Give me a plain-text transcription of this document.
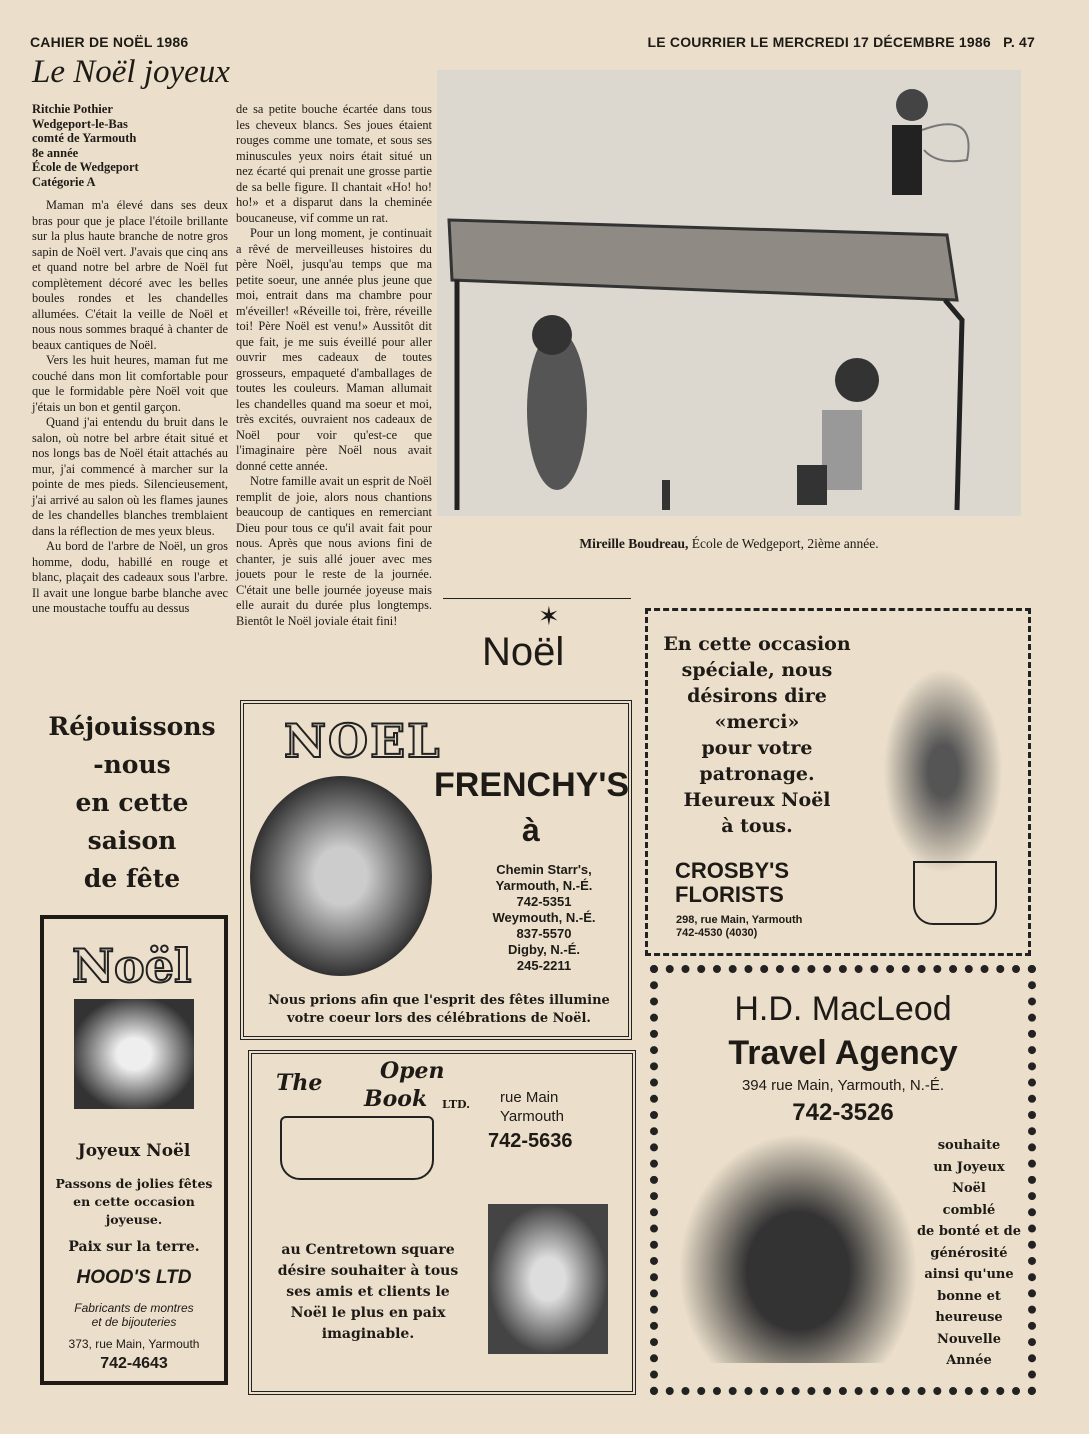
CAHIER DE NOËL 1986	LE COURRIER LE MERCREDI 17 DÉCEMBRE 1986 P. 47
Le Noël joyeux
Ritchie Pothier
Wedgeport-le-Bas
comté de Yarmouth
8e année
École de Wedgeport
Catégorie A

Maman m'a élevé dans ses deux bras pour que je place l'étoile brillante sur la plus haute branche de notre gros sapin de Noël vert. J'avais que cinq ans et quand notre bel arbre de Noël fut complètement décoré avec les belles boules rondes et les chandelles allumées. C'était la veille de Noël et nous nous sommes braqué à chanter de beaux cantiques de Noël.

Vers les huit heures, maman fut me couché dans mon lit comfortable pour que le formidable père Noël voit que j'étais un bon et gentil garçon.

Quand j'ai entendu du bruit dans le salon, où notre bel arbre était situé et nos longs bas de Noël était attachés au mur, j'ai commencé à marcher sur la pointe de mes pieds. Silencieusement, j'ai arrivé au salon où les flames jaunes de les chandelles blanches tremblaient dans la réflection de mes yeux bleus.

Au bord de l'arbre de Noël, un gros homme, dodu, habillé en rouge et blanc, plaçait des cadeaux sous l'arbre. Il avait une longue barbe blanche avec une moustache touffu au dessus

de sa petite bouche écartée dans tous les cheveux blancs. Ses joues étaient rouges comme une tomate, et sous ses minuscules yeux noirs était situé un nez écarté qui prenait une grosse partie de sa belle figure. Il chantait «Ho! ho! ho!» et a disparut dans la cheminée boucaneuse, vif comme un rat.

Pour un long moment, je continuait a rêvé de merveilleuses histoires du père Noël, jusqu'au temps que ma petite soeur, une année plus jeune que moi, entrait dans ma chambre pour m'éveiller! «Réveille toi, frère, réveille toi! Père Noël est venu!» Aussitôt dit que fait, je me suis éveillé pour aller ouvrir mes cadeaux de toutes grosseurs, empaqueté d'amballages de toutes les couleurs. Maman allumait les chandelles quand ma soeur et moi, très excités, ouvraient nos cadeaux de Noël pour voir qu'est-ce que l'imaginaire père Noël nous avait donné cette année.

Notre famille avait un esprit de Noël remplit de joie, alors nous chantions beaucoup de cantiques en remerciant Dieu pour tous ce qu'il avait fait pour nous. Après que nous avions fini de chanter, je suis allé jouer avec mes jouets pour le reste de la journée. C'était une belle journée joyeuse mais elle aurait du durée plus longtemps. Bientôt le Noël joviale était fini!

Mireille Boudreau, École de Wedgeport, 2ième année.
Noël
✶
Réjouissons
-nous
en cette
saison
de fête
NOEL
FRENCHY'S
à
Chemin Starr's,
Yarmouth, N.-É.
742-5351
Weymouth, N.-É.
837-5570
Digby, N.-É.
245-2211
Nous prions afin que l'esprit des fêtes illumine votre coeur lors des célébrations de Noël.
En cette occasion
spéciale, nous
désirons dire
«merci»
pour votre
patronage.
Heureux Noël
à tous.
CROSBY'S
FLORISTS
298, rue Main, Yarmouth
742-4530 (4030)
Noël
Joyeux Noël
Passons de jolies fêtes
en cette occasion
joyeuse.
Paix sur la terre.
HOOD'S LTD
Fabricants de montres
et de bijouteries
373, rue Main, Yarmouth
742-4643
The	Open
Book LTD. rue Main
Yarmouth
742-5636
au Centretown square
désire souhaiter à tous
ses amis et clients le
Noël le plus en paix
imaginable.
H.D. MacLeod
Travel Agency
394 rue Main, Yarmouth, N.-É.
742-3526
souhaite
un Joyeux
Noël
comblé
de bonté et de
générosité
ainsi qu'une
bonne et
heureuse
Nouvelle
Année
